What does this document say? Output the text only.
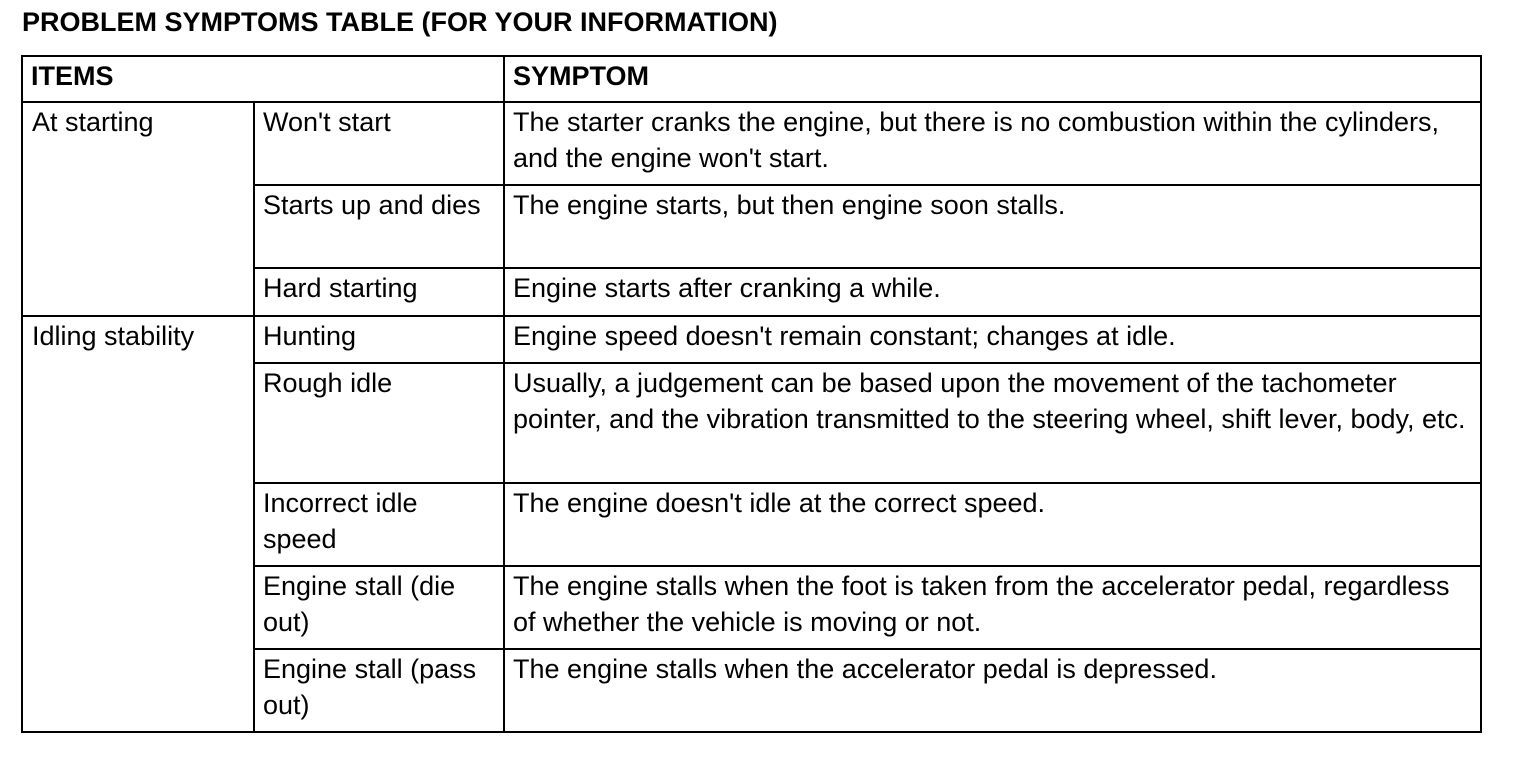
PROBLEM SYMPTOMS TABLE (FOR YOUR INFORMATION)
ITEMS		SYMPTOM
At starting	Won't start	The starter cranks the engine, but there is no combustion within the cylinders, and the engine won't start.
	Starts up and dies	The engine starts, but then engine soon stalls.
	Hard starting	Engine starts after cranking a while.
Idling stability	Hunting	Engine speed doesn't remain constant; changes at idle.
	Rough idle	Usually, a judgement can be based upon the movement of the tachometer pointer, and the vibration transmitted to the steering wheel, shift lever, body, etc.
	Incorrect idle speed	The engine doesn't idle at the correct speed.
	Engine stall (die out)	The engine stalls when the foot is taken from the accelerator pedal, regardless of whether the vehicle is moving or not.
	Engine stall (pass out)	The engine stalls when the accelerator pedal is depressed.
